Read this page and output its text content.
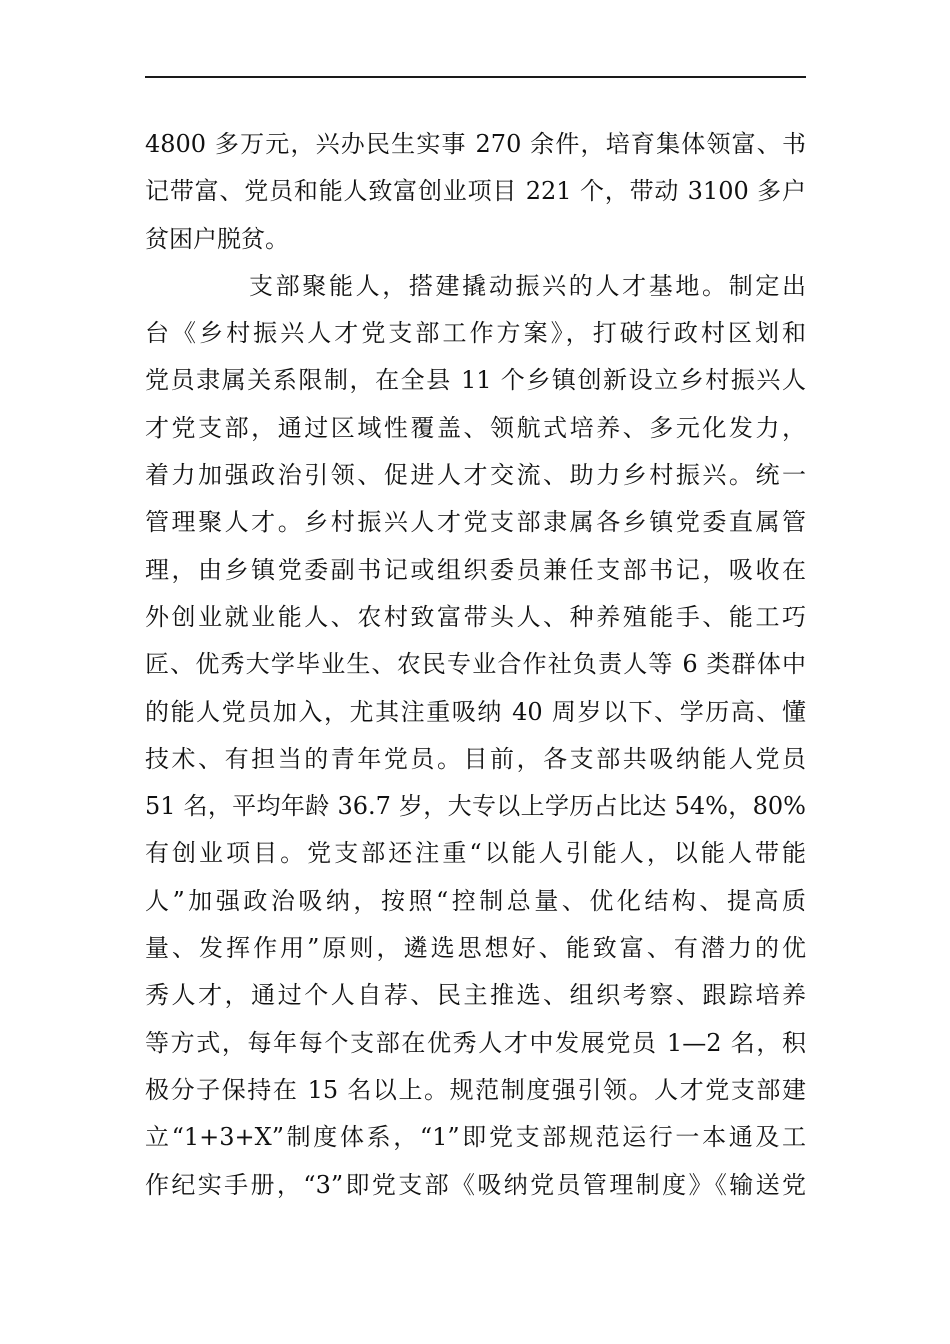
4800 多万元，兴办民生实事 270 余件，培育集体领富、书
记带富、党员和能人致富创业项目 221 个，带动 3100 多户
贫困户脱贫。
支部聚能人，搭建撬动振兴的人才基地。制定出
台《乡村振兴人才党支部工作方案》，打破行政村区划和
党员隶属关系限制，在全县 11 个乡镇创新设立乡村振兴人
才党支部，通过区域性覆盖、领航式培养、多元化发力，
着力加强政治引领、促进人才交流、助力乡村振兴。统一
管理聚人才。乡村振兴人才党支部隶属各乡镇党委直属管
理，由乡镇党委副书记或组织委员兼任支部书记，吸收在
外创业就业能人、农村致富带头人、种养殖能手、能工巧
匠、优秀大学毕业生、农民专业合作社负责人等 6 类群体中
的能人党员加入，尤其注重吸纳 40 周岁以下、学历高、懂
技术、有担当的青年党员。目前，各支部共吸纳能人党员
51 名，平均年龄 36.7 岁，大专以上学历占比达 54%，80%
有创业项目。党支部还注重“以能人引能人，以能人带能
人”加强政治吸纳，按照“控制总量、优化结构、提高质
量、发挥作用”原则，遴选思想好、能致富、有潜力的优
秀人才，通过个人自荐、民主推选、组织考察、跟踪培养
等方式，每年每个支部在优秀人才中发展党员 1—2 名，积
极分子保持在 15 名以上。规范制度强引领。人才党支部建
立“1+3+X”制度体系，“1”即党支部规范运行一本通及工
作纪实手册，“3”即党支部《吸纳党员管理制度》《输送党
